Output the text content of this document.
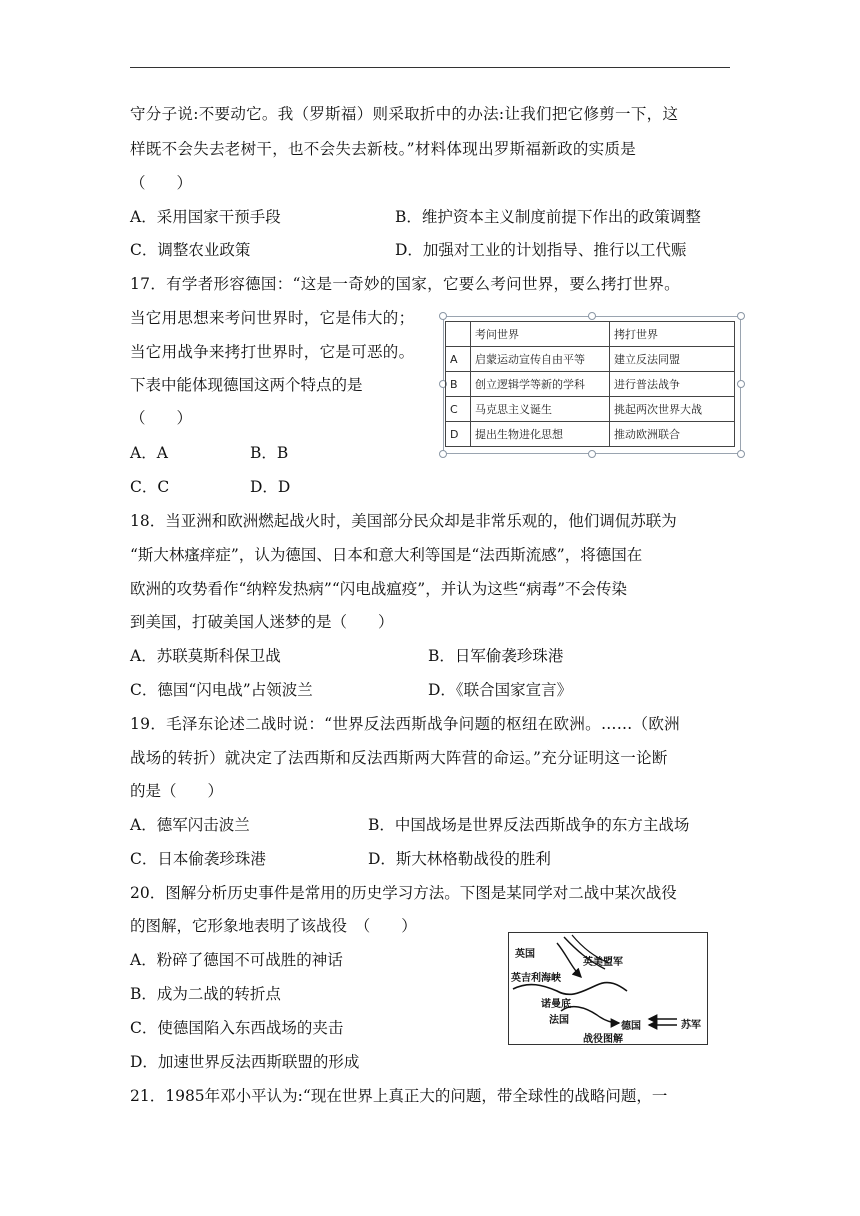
守分子说:不要动它。我（罗斯福）则采取折中的办法:让我们把它修剪一下，这
样既不会失去老树干，也不会失去新枝。”材料体现出罗斯福新政的实质是
（　　）
A．采用国家干预手段	B．维护资本主义制度前提下作出的政策调整
C．调整农业政策	D．加强对工业的计划指导、推行以工代赈
17．有学者形容德国：“这是一奇妙的国家，它要么考问世界，要么拷打世界。
当它用思想来考问世界时，它是伟大的；
当它用战争来拷打世界时，它是可恶的。
下表中能体现德国这两个特点的是
（　　）
A．A	B．B
C．C	D．D
	考问世界	拷打世界
A	启蒙运动宣传自由平等	建立反法同盟
B	创立逻辑学等新的学科	进行普法战争
C	马克思主义诞生	挑起两次世界大战
D	提出生物进化思想	推动欧洲联合
18．当亚洲和欧洲燃起战火时，美国部分民众却是非常乐观的，他们调侃苏联为
“斯大林瘙痒症”，认为德国、日本和意大利等国是“法西斯流感”，将德国在
欧洲的攻势看作“纳粹发热病”“闪电战瘟疫”，并认为这些“病毒”不会传染
到美国，打破美国人迷梦的是（　　）
A．苏联莫斯科保卫战	B．日军偷袭珍珠港
C．德国“闪电战”占领波兰	D．《联合国家宣言》
19．毛泽东论述二战时说：“世界反法西斯战争问题的枢纽在欧洲。……（欧洲
战场的转折）就决定了法西斯和反法西斯两大阵营的命运。”充分证明这一论断
的是（　　）
A．德军闪击波兰	B．中国战场是世界反法西斯战争的东方主战场
C．日本偷袭珍珠港	D．斯大林格勒战役的胜利
20．图解分析历史事件是常用的历史学习方法。下图是某同学对二战中某次战役
的图解，它形象地表明了该战役　（　　）
A．粉碎了德国不可战胜的神话
B．成为二战的转折点
C．使德国陷入东西战场的夹击
D．加速世界反法西斯联盟的形成
英国
英美盟军
英吉利海峡
诺曼底
法国
德国	苏军
战役图解
21．1985年邓小平认为:“现在世界上真正大的问题，带全球性的战略问题，一
